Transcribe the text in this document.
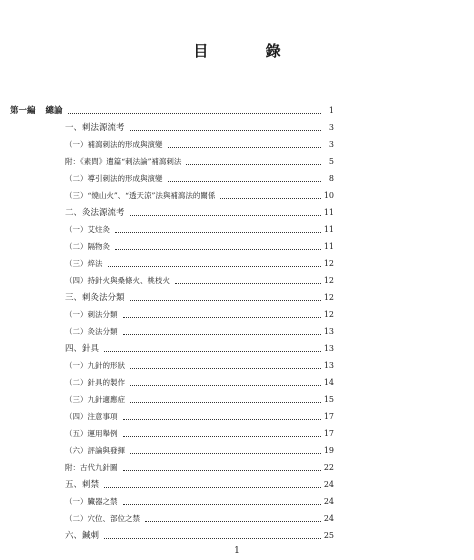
目 錄
第一編 總論	1
一、刺法源流考	3
（一）補瀉刺法的形成與演變	3
附：《素問》遺篇“刺法論”補瀉刺法	5
（二）導引刺法的形成與演變	8
（三）“燒山火”、“透天涼”法與補瀉法的關係	10
二、灸法源流考	11
（一）艾炷灸	11
（二）隔物灸	11
（三）焠法	12
（四）持針火與桑條火、桃枝火	12
三、刺灸法分類	12
（一）刺法分類	12
（二）灸法分類	13
四、針具	13
（一）九針的形狀	13
（二）針具的製作	14
（三）九針適應症	15
（四）注意事項	17
（五）運用舉例	17
（六）評論與發揮	19
附：古代九針圖	22
五、刺禁	24
（一）臟器之禁	24
（二）穴位、部位之禁	24
六、鍼刺	25
1
